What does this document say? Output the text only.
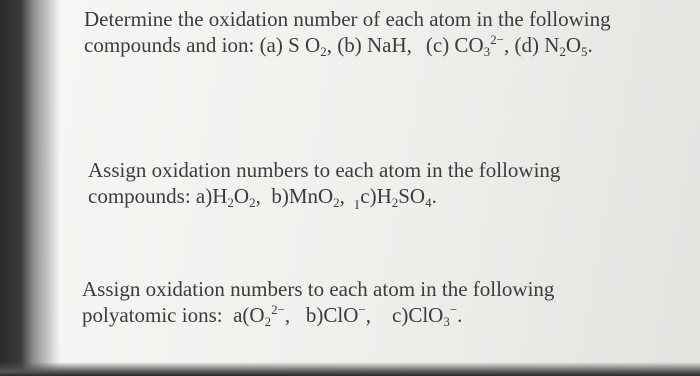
Determine the oxidation number of each atom in the following
compounds and ion: (a) S $O_2$, (b) NaH, (c) $CO_3^{2-}$, (d) $N_2O_5$.
Assign oxidation numbers to each atom in the following
compounds: $a)H_2O_2$,  b)MnO$_2$, $Ic)H_2SO_4$.
Assign oxidation numbers to each atom in the following
polyatomic ions:  $a(O_2^{2-}$,   b)ClO−,    c)ClO$_3$−.
